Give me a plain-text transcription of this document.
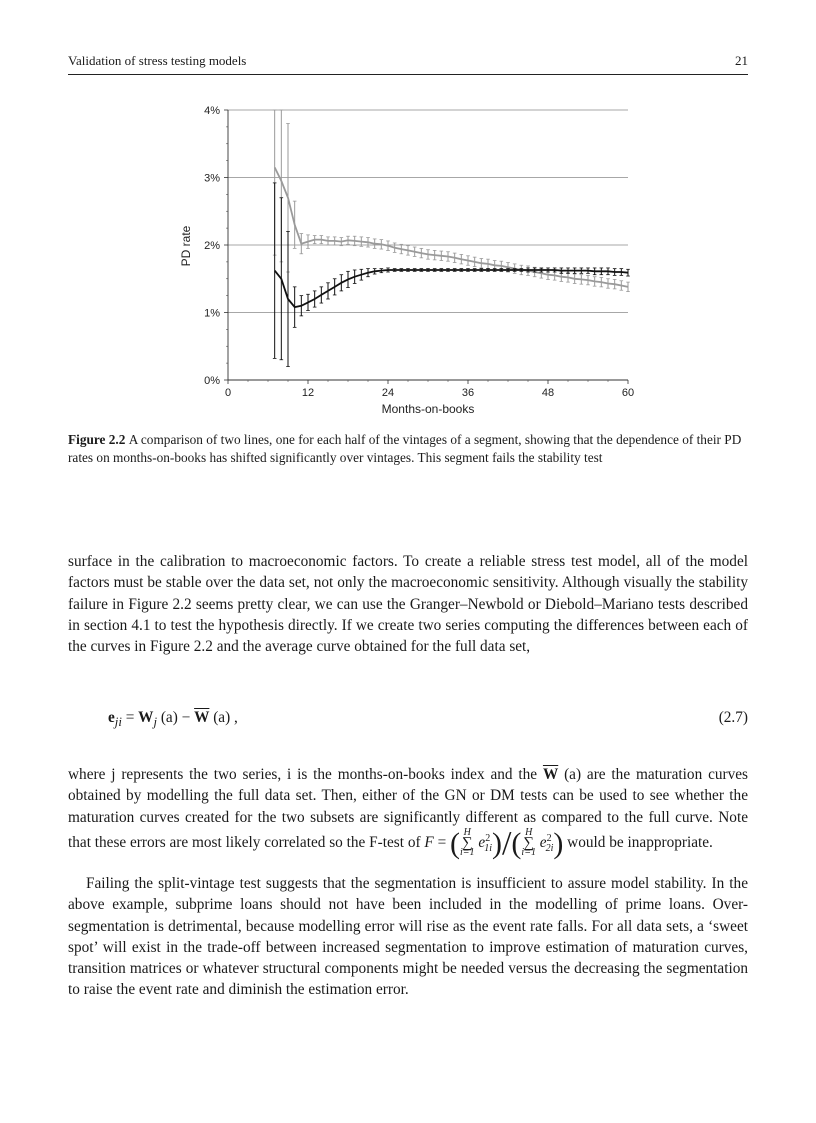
Validation of stress testing models	21
0%
1%
2%
3%
4%
0	12	24	36	48	60
PD rate
Months-on-books
Figure 2.2 A comparison of two lines, one for each half of the vintages of a segment, showing that the dependence of their PD rates on months-on-books has shifted significantly over vintages. This segment fails the stability test

surface in the calibration to macroeconomic factors. To create a reliable stress test model, all of the model factors must be stable over the data set, not only the macroeconomic sensitivity. Although visually the stability failure in Figure 2.2 seems pretty clear, we can use the Granger–Newbold or Diebold–Mariano tests described in section 4.1 to test the hypothesis directly. If we create two series computing the differences between each of the curves in Figure 2.2 and the average curve obtained for the full data set,

$e_{ji} = W_j$ $(a) - \overline{W}$ (a) ,	(2.7)

where j represents the two series, i is the months-on-books index and the $\overline{W}$ (a) are the maturation curves obtained by modelling the full data set. Then, either of the GN or DM tests can be used to see whether the maturation curves created for the two subsets are significantly different as compared to the full curve. Note that these errors are most likely correlated so the F-test of F = ( H
∑
i=1
$e^2_{1i})/$( H
∑
i=1
$e^2_{2i}$) would be inappropriate.

Failing the split-vintage test suggests that the segmentation is insufficient to assure model stability. In the above example, subprime loans should not have been included in the modelling of prime loans. Over-segmentation is detrimental, because modelling error will rise as the event rate falls. For all data sets, a ‘sweet spot’ will exist in the trade-off between increased segmentation to improve estimation of maturation curves, transition matrices or whatever structural components might be needed versus the decreasing the segmentation to raise the event rate and diminish the estimation error.
